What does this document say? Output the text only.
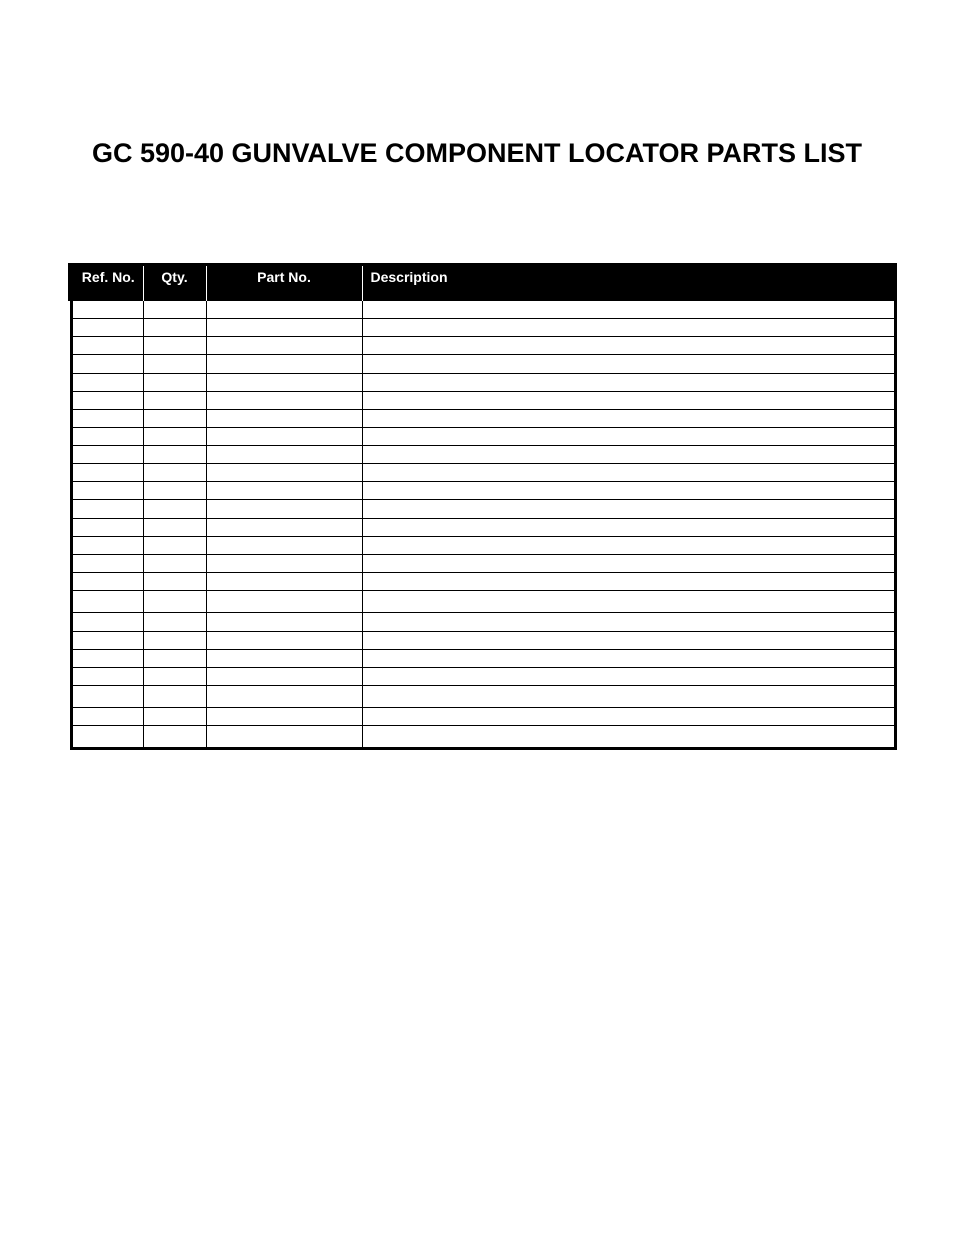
GC 590-40 GUNVALVE COMPONENT LOCATOR PARTS LIST
Ref. No.	Qty.	Part No.	Description
